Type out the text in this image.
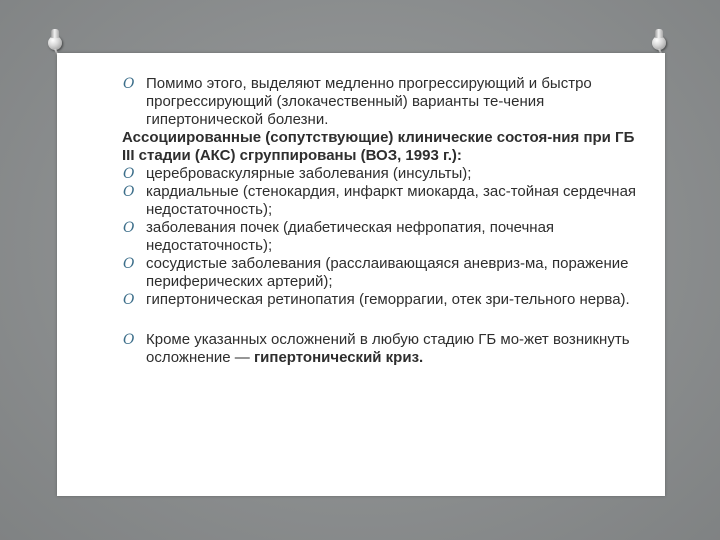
O Помимо этого, выделяют медленно прогрессирующий и быстро прогрессирующий (злокачественный) варианты те-чения гипертонической болезни.

Ассоциированные (сопутствующие) клинические состоя-ния при ГБ III стадии (АКС) сгруппированы (ВОЗ, 1993 г.):

O цереброваскулярные заболевания (инсульты);

O кардиальные (стенокардия, инфаркт миокарда, заc-тойная сердечная недостаточность);

O заболевания почек (диабетическая нефропатия, почечная недостаточность);

O сосудистые заболевания (расслаивающаяся аневриз-ма, поражение периферических артерий);

O гипертоническая ретинопатия (геморрагии, отек зри-тельного нерва).

O Кроме указанных осложнений в любую стадию ГБ мо-жет возникнуть осложнение — гипертонический криз.
